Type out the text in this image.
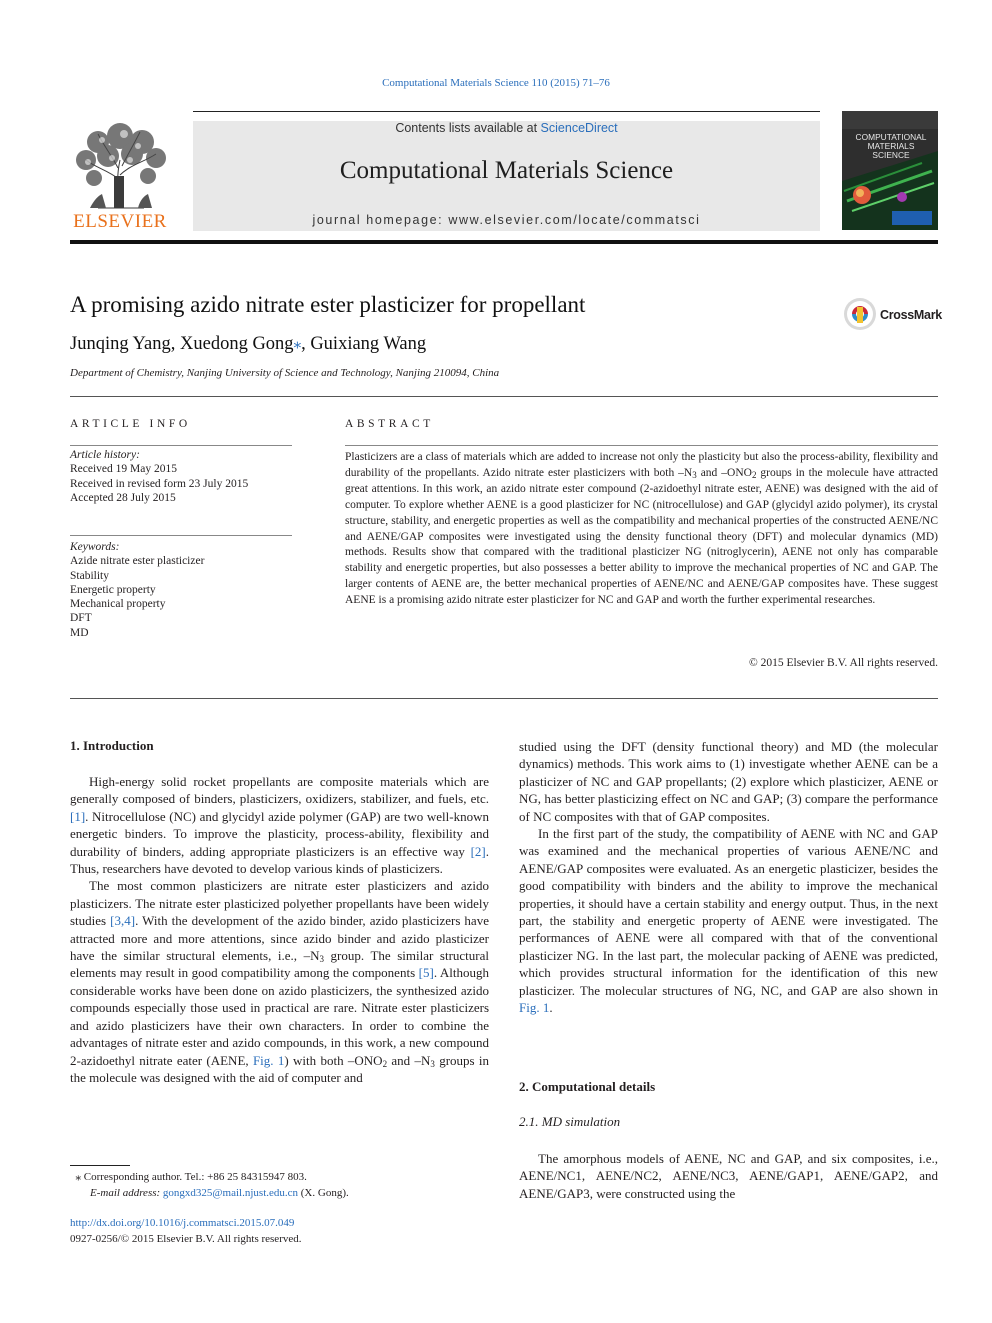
Computational Materials Science 110 (2015) 71–76
ELSEVIER
Contents lists available at ScienceDirect
Computational Materials Science
journal homepage: www.elsevier.com/locate/commatsci
COMPUTATIONAL
MATERIALS
SCIENCE
A promising azido nitrate ester plasticizer for propellant	CrossMark
Junqing Yang, Xuedong Gong⁎, Guixiang Wang
Department of Chemistry, Nanjing University of Science and Technology, Nanjing 210094, China
ARTICLE INFO	ABSTRACT
Article history:
Received 19 May 2015
Received in revised form 23 July 2015
Accepted 28 July 2015
Keywords:
Azide nitrate ester plasticizer
Stability
Energetic property
Mechanical property
DFT
MD
Plasticizers are a class of materials which are added to increase not only the plasticity but also the process-ability, flexibility and durability of the propellants. Azido nitrate ester plasticizers with both $-N_3$ and $-ONO_2$ groups in the molecule have attracted great attentions. In this work, an azido nitrate ester compound (2-azidoethyl nitrate ester, AENE) was designed with the aid of computer. To explore whether AENE is a good plasticizer for NC (nitrocellulose) and GAP (glycidyl azido polymer), its crystal structure, stability, and energetic properties as well as the compatibility and mechanical properties of the constructed AENE/NC and AENE/GAP composites were investigated using the density functional theory (DFT) and molecular dynamics (MD) methods. Results show that compared with the traditional plasticizer NG (nitroglycerin), AENE not only has comparable stability and energetic properties, but also possesses a better ability to improve the mechanical properties of NC and GAP. The larger contents of AENE are, the better mechanical properties of AENE/NC and AENE/GAP composites have. These suggest AENE is a promising azido nitrate ester plasticizer for NC and GAP and worth the further experimental researches.
© 2015 Elsevier B.V. All rights reserved.
1. Introduction

High-energy solid rocket propellants are composite materials which are generally composed of binders, plasticizers, oxidizers, stabilizer, and fuels, etc. [1]. Nitrocellulose (NC) and glycidyl azide polymer (GAP) are two well-known energetic binders. To improve the plasticity, process-ability, flexibility and durability of binders, adding appropriate plasticizers is an effective way [2]. Thus, researchers have devoted to develop various kinds of plasticizers.

The most common plasticizers are nitrate ester plasticizers and azido plasticizers. The nitrate ester plasticized polyether propellants have been widely studies [3,4]. With the development of the azido binder, azido plasticizers have attracted more and more attentions, since azido binder and azido plasticizer have the similar structural elements, i.e., $-N_3$ group. The similar structural elements may result in good compatibility among the components [5]. Although considerable works have been done on azido plasticizers, the synthesized azido compounds especially those used in practical are rare. Nitrate ester plasticizers and azido plasticizers have their own characters. In order to combine the advantages of nitrate ester and azido compounds, in this work, a new compound 2-azidoethyl nitrate eater (AENE, Fig. 1) with both $-ONO_2$ and $-N_3$ groups in the molecule was designed with the aid of computer and

studied using the DFT (density functional theory) and MD (the molecular dynamics) methods. This work aims to (1) investigate whether AENE can be a plasticizer of NC and GAP propellants; (2) explore which plasticizer, AENE or NG, has better plasticizing effect on NC and GAP; (3) compare the performance of NC composites with that of GAP composites.

In the first part of the study, the compatibility of AENE with NC and GAP was examined and the mechanical properties of various AENE/NC and AENE/GAP composites were evaluated. As an energetic plasticizer, besides the good compatibility with binders and the ability to improve the mechanical properties, it should have a certain stability and energy output. Thus, in the next part, the stability and energetic property of AENE were investigated. The performances of AENE were all compared with that of the conventional plasticizer NG. In the last part, the molecular packing of AENE was predicted, which provides structural information for the identification of this new plasticizer. The molecular structures of NG, NC, and GAP are also shown in Fig. 1.

2. Computational details
2.1. MD simulation

The amorphous models of AENE, NC and GAP, and six composites, i.e., AENE/NC1, AENE/NC2, AENE/NC3, AENE/GAP1, AENE/GAP2, and AENE/GAP3, were constructed using the

⁎ Corresponding author. Tel.: +86 25 84315947 803.
E-mail address: gongxd325@mail.njust.edu.cn (X. Gong).
http://dx.doi.org/10.1016/j.commatsci.2015.07.049
0927-0256/© 2015 Elsevier B.V. All rights reserved.
